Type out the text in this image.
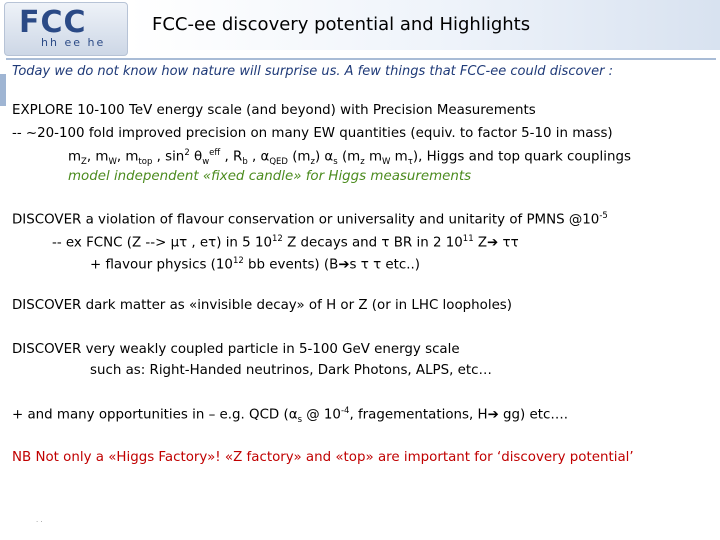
FCC
hh ee he
FCC-ee discovery potential and Highlights
Today we do not know how nature will surprise us. A few things that FCC-ee could discover :
EXPLORE 10-100 TeV energy scale (and beyond) with Precision Measurements
-- ~20-100 fold improved precision on many EW quantities (equiv. to factor 5-10 in mass)
$m_Z$, $m_W$, $m_{top}$ , $\sin^2 \theta_w^{eff}$ , $R_b$ , $\alpha_{QED}$ $(m_z)$ $\alpha_s$ ($m_z$ $m_W$ $m_\tau$), Higgs and top quark couplings
model independent «fixed candle» for Higgs measurements
DISCOVER a violation of flavour conservation or universality and unitarity of PMNS $@10^{-5}$
-- ex FCNC (Z --> μτ , eτ) in 5 $10^{12}$ Z decays and τ BR in 2 $10^{11}$ Z➔ ττ
+ flavour physics ($10^{12}$ bb events) (B➔s τ τ etc..)
DISCOVER dark matter as «invisible decay» of H or Z (or in LHC loopholes)
DISCOVER very weakly coupled particle in 5-100 GeV energy scale
such as: Right-Handed neutrinos, Dark Photons, ALPS, etc…
+ and many opportunities in – e.g. QCD ($\alpha_s$ @ $10^{-4}$, fragementations, H➔ gg) etc….
NB Not only a «Higgs Factory»! «Z factory» and «top» are important for ‘discovery potential’
· ·
